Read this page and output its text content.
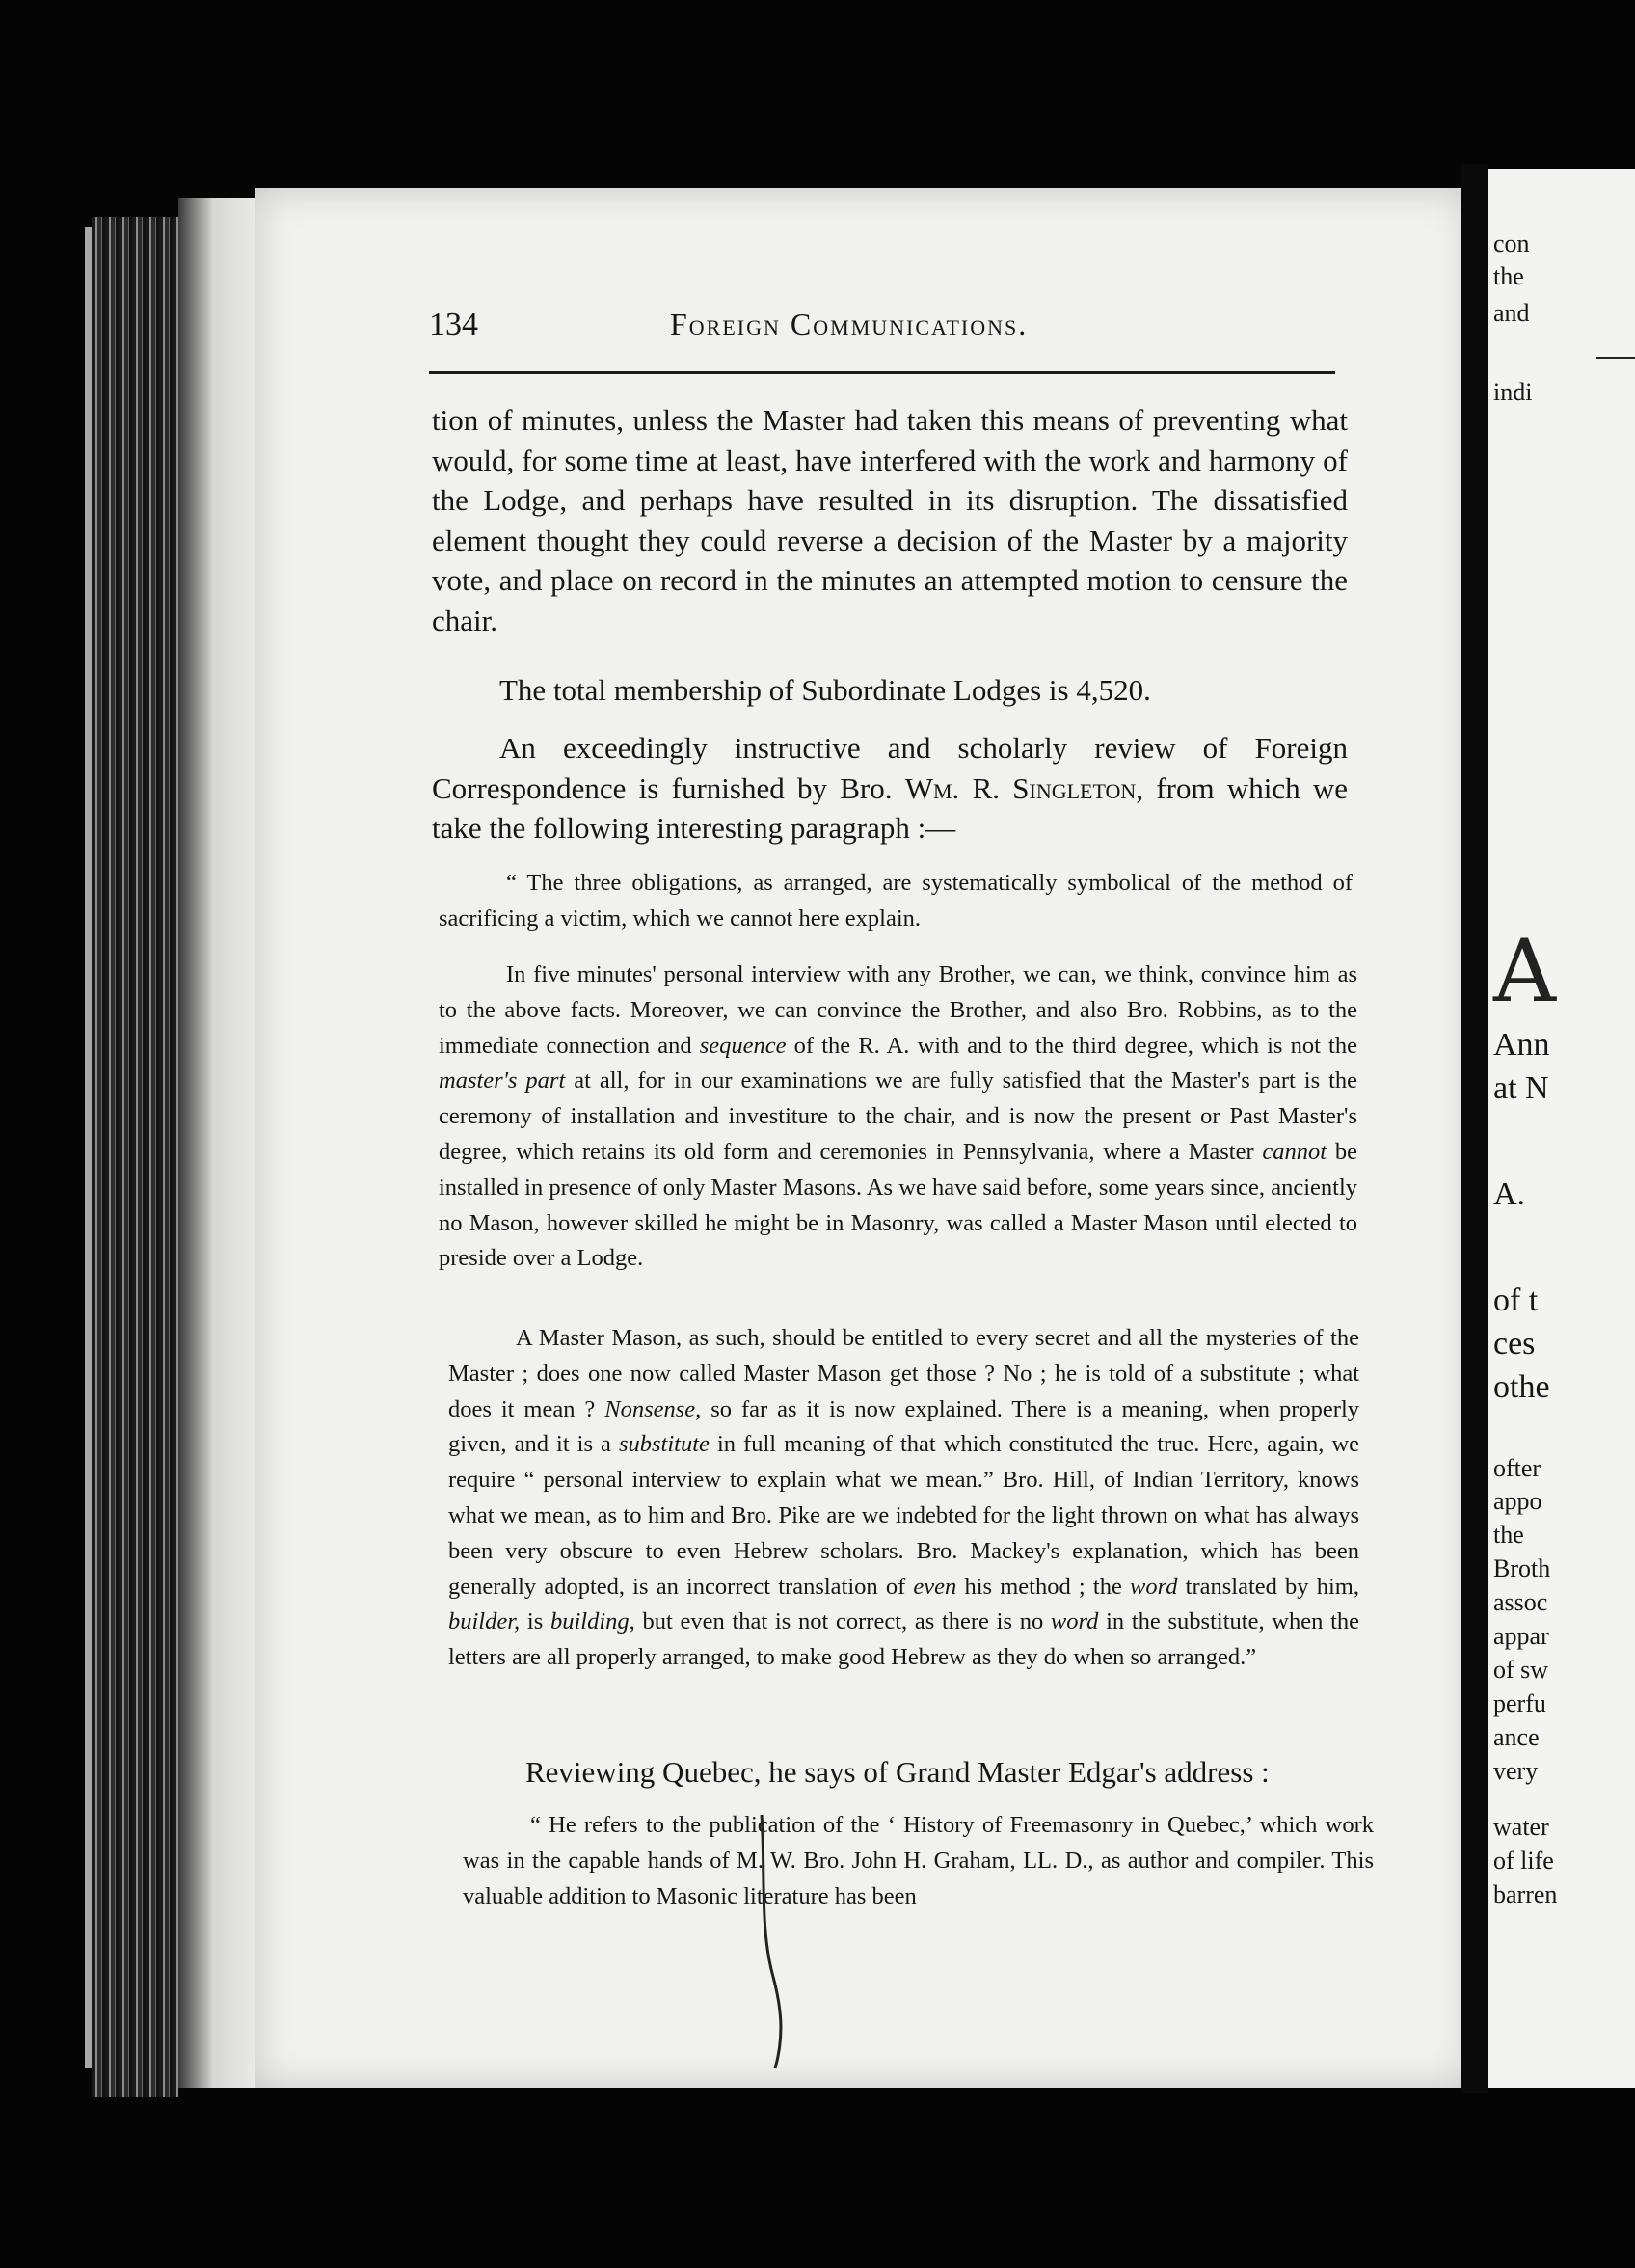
134	Foreign Communications.
tion of minutes, unless the Master had taken this means of preventing what would, for some time at least, have interfered with the work and harmony of the Lodge, and perhaps have resulted in its disruption. The dissatisfied element thought they could reverse a decision of the Master by a majority vote, and place on record in the minutes an attempted motion to censure the chair.
The total membership of Subordinate Lodges is 4,520.
An exceedingly instructive and scholarly review of Foreign Correspondence is furnished by Bro. Wm. R. Singleton, from which we take the following interesting paragraph :—
“ The three obligations, as arranged, are systematically symbolical of the method of sacrificing a victim, which we cannot here explain.
In five minutes' personal interview with any Brother, we can, we think, convince him as to the above facts. Moreover, we can convince the Brother, and also Bro. Robbins, as to the immediate connection and sequence of the R. A. with and to the third degree, which is not the master's part at all, for in our examinations we are fully satisfied that the Master's part is the ceremony of installation and investiture to the chair, and is now the present or Past Master's degree, which retains its old form and ceremonies in Pennsylvania, where a Master cannot be installed in presence of only Master Masons. As we have said before, some years since, anciently no Mason, however skilled he might be in Masonry, was called a Master Mason until elected to preside over a Lodge.
A Master Mason, as such, should be entitled to every secret and all the mysteries of the Master ; does one now called Master Mason get those ? No ; he is told of a substitute ; what does it mean ? Nonsense, so far as it is now explained. There is a meaning, when properly given, and it is a substitute in full meaning of that which constituted the true. Here, again, we require “ personal interview to explain what we mean.” Bro. Hill, of Indian Territory, knows what we mean, as to him and Bro. Pike are we indebted for the light thrown on what has always been very obscure to even Hebrew scholars. Bro. Mackey's explanation, which has been generally adopted, is an incorrect translation of even his method ; the word translated by him, builder, is building, but even that is not correct, as there is no word in the substitute, when the letters are all properly arranged, to make good Hebrew as they do when so arranged.”
Reviewing Quebec, he says of Grand Master Edgar's address :
“ He refers to the publication of the ‘ History of Freemasonry in Quebec,’ which work was in the capable hands of M. W. Bro. John H. Graham, LL. D., as author and compiler. This valuable addition to Masonic literature has been
con
the
and
indi
A
Ann
at N
A.
of t
ces
othe
ofter
appo
the
Broth
assoc
appar
of sw
perfu
ance
very
water
of life
barren
